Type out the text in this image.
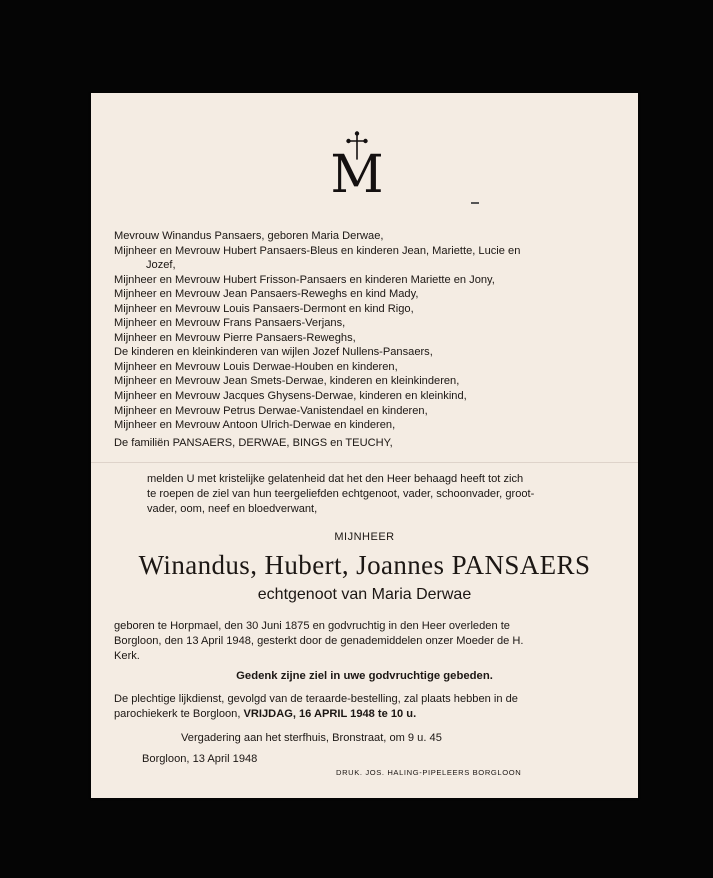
M
Mevrouw Winandus Pansaers, geboren Maria Derwae,
Mijnheer en Mevrouw Hubert Pansaers-Bleus en kinderen Jean, Mariette, Lucie en
Jozef,
Mijnheer en Mevrouw Hubert Frisson-Pansaers en kinderen Mariette en Jony,
Mijnheer en Mevrouw Jean Pansaers-Reweghs en kind Mady,
Mijnheer en Mevrouw Louis Pansaers-Dermont en kind Rigo,
Mijnheer en Mevrouw Frans Pansaers-Verjans,
Mijnheer en Mevrouw Pierre Pansaers-Reweghs,
De kinderen en kleinkinderen van wijlen Jozef Nullens-Pansaers,
Mijnheer en Mevrouw Louis Derwae-Houben en kinderen,
Mijnheer en Mevrouw Jean Smets-Derwae, kinderen en kleinkinderen,
Mijnheer en Mevrouw Jacques Ghysens-Derwae, kinderen en kleinkind,
Mijnheer en Mevrouw Petrus Derwae-Vanistendael en kinderen,
Mijnheer en Mevrouw Antoon Ulrich-Derwae en kinderen,
De familiën PANSAERS, DERWAE, BINGS en TEUCHY,
melden U met kristelijke gelatenheid dat het den Heer behaagd heeft tot zich
te roepen de ziel van hun teergeliefden echtgenoot, vader, schoonvader, groot-
vader, oom, neef en bloedverwant,
MIJNHEER
Winandus, Hubert, Joannes PANSAERS
echtgenoot van Maria Derwae
geboren te Horpmael, den 30 Juni 1875 en godvruchtig in den Heer overleden te
Borgloon, den 13 April 1948, gesterkt door de genademiddelen onzer Moeder de H.
Kerk.
Gedenk zijne ziel in uwe godvruchtige gebeden.
De plechtige lijkdienst, gevolgd van de teraarde-bestelling, zal plaats hebben in de
parochiekerk te Borgloon, VRIJDAG, 16 APRIL 1948 te 10 u.
Vergadering aan het sterfhuis, Bronstraat, om 9 u. 45
Borgloon, 13 April 1948
DRUK. JOS. HALING-PIPELEERS BORGLOON
